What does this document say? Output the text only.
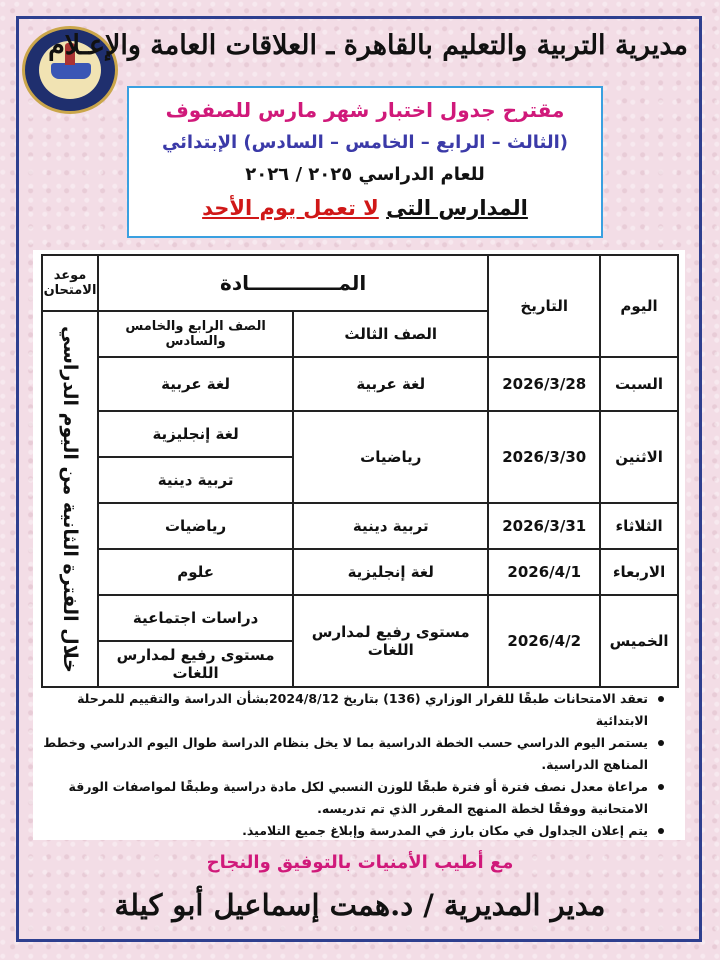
مديرية التربية والتعليم بالقاهرة ـ العلاقات العامة والإعـلام
مقترح جدول اختبار شهر مارس للصفوف
(الثالث – الرابع – الخامس – السادس) الإبتدائي
للعام الدراسي ٢٠٢٥ / ٢٠٢٦
المدارس التى لا تعمل يوم الأحد
اليوم	التاريخ	المـــــــــــــادة		موعد الامتحان
		الصف الثالث	الصف الرابع والخامس والسادس	خلال الفترة الثانية من اليوم الدراسي
السبت	2026/3/28	لغة عربية	لغة عربية	
الاثنين	2026/3/30	رياضيات	لغة إنجليزية	
			تربية دينية	
الثلاثاء	2026/3/31	تربية دينية	رياضيات	
الاربعاء	2026/4/1	لغة إنجليزية	علوم	
الخميس	2026/4/2	مستوى رفيع لمدارس اللغات	دراسات اجتماعية	
			مستوى رفيع لمدارس اللغات	

تعقد الامتحانات طبقًا للقرار الوزاري (136) بتاريخ 2024/8/12بشأن الدراسة والتقييم للمرحلة الابتدائية

يستمر اليوم الدراسي حسب الخطة الدراسية بما لا يخل بنظام الدراسة طوال اليوم الدراسي وخطط المناهج الدراسية.

مراعاة معدل نصف فترة أو فترة طبقًا للوزن النسبي لكل مادة دراسية وطبقًا لمواصفات الورقة الامتحانية ووفقًا لخطة المنهج المقرر الذي تم تدريسه.

يتم إعلان الجداول في مكان بارز في المدرسة وإبلاغ جميع التلاميذ.

مع أطيب الأمنيات بالتوفيق والنجاح
مدير المديرية / د.همت إسماعيل أبو كيلة
